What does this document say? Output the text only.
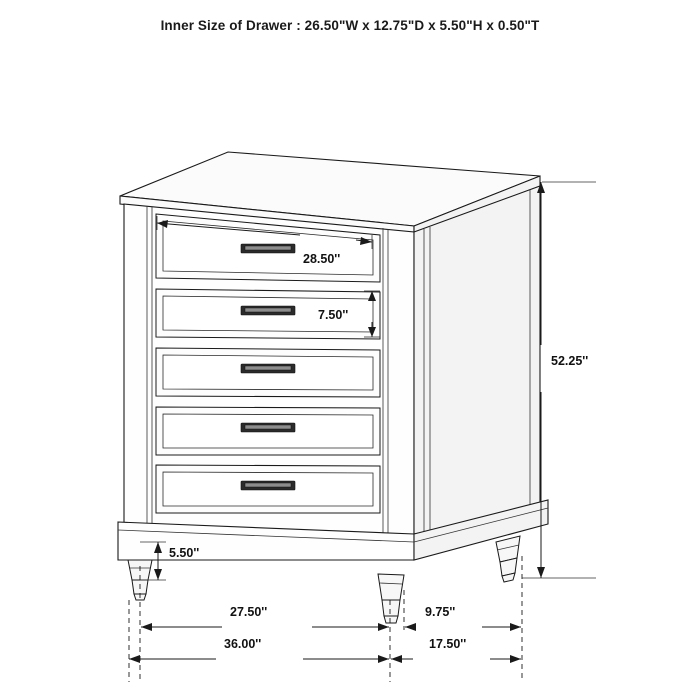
Inner Size of Drawer : 26.50"W x 12.75"D x 5.50"H x 0.50"T
28.50''
7.50''
52.25''
5.50''
27.50''	9.75''
36.00''	17.50''
